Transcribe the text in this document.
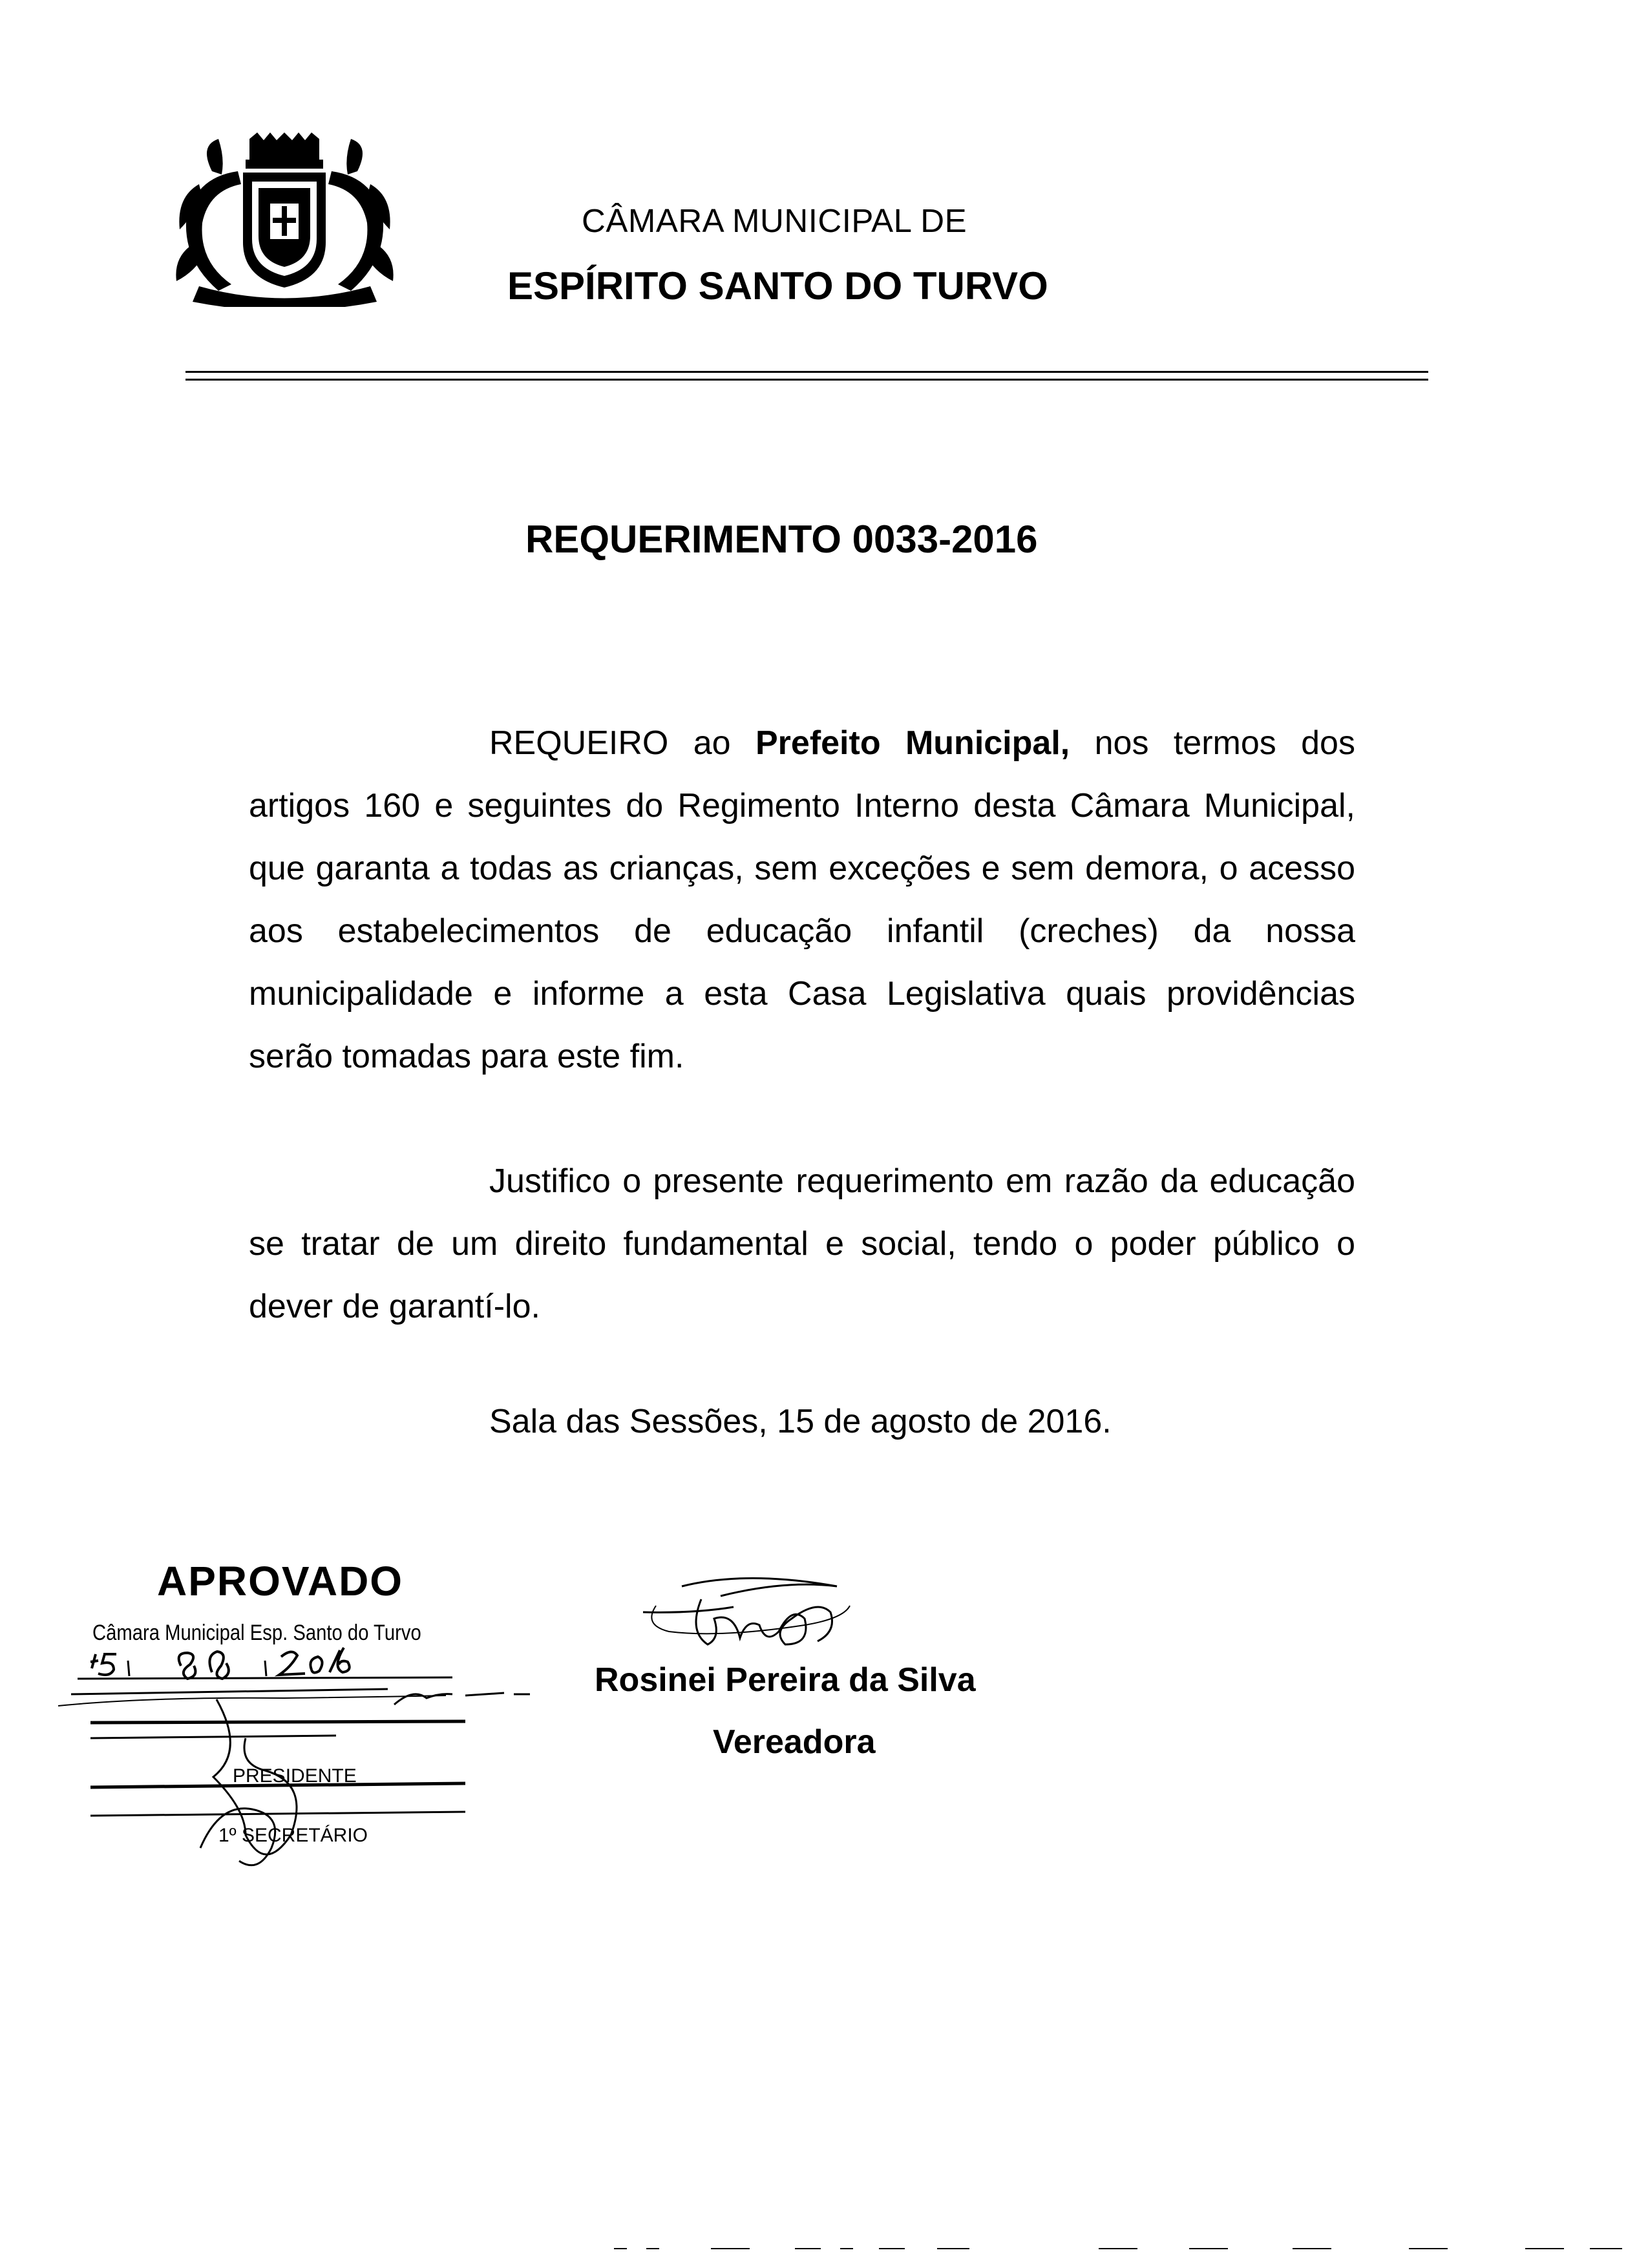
CÂMARA MUNICIPAL DE
ESPÍRITO SANTO DO TURVO
REQUERIMENTO 0033-2016
REQUEIRO ao Prefeito Municipal, nos termos dos artigos 160 e seguintes do Regimento Interno desta Câmara Municipal, que garanta a todas as crianças, sem exceções e sem demora, o acesso aos estabelecimentos de educação infantil (creches) da nossa municipalidade e informe a esta Casa Legislativa quais providências serão tomadas para este fim.
Justifico o presente requerimento em razão da educação se tratar de um direito fundamental e social, tendo o poder público o dever de garantí-lo.
Sala das Sessões, 15 de agosto de 2016.
APROVADO
Câmara Municipal Esp. Santo do Turvo
PRESIDENTE
1º SECRETÁRIO
Rosinei Pereira da Silva
Vereadora
